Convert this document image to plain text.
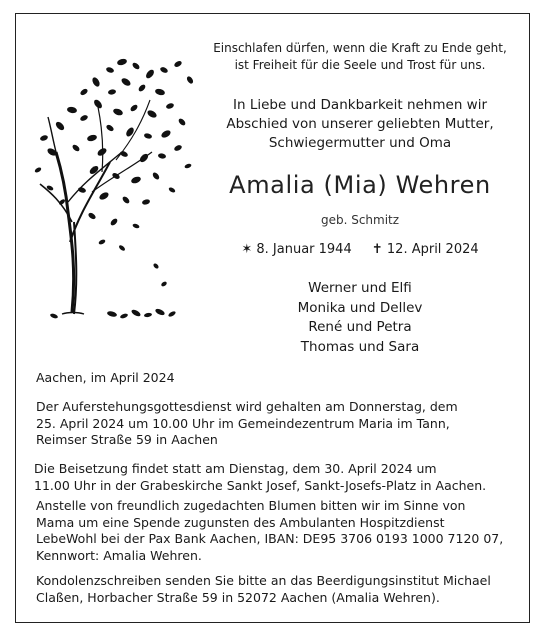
Einschlafen dürfen, wenn die Kraft zu Ende geht,
ist Freiheit für die Seele und Trost für uns.
In Liebe und Dankbarkeit nehmen wir
Abschied von unserer geliebten Mutter,
Schwiegermutter und Oma
Amalia (Mia) Wehren
geb. Schmitz
✶ 8. Januar 1944 ✝ 12. April 2024
Werner und Elfi
Monika und Dellev
René und Petra
Thomas und Sara
Aachen, im April 2024
Der Auferstehungsgottesdienst wird gehalten am Donnerstag, dem
25. April 2024 um 10.00 Uhr im Gemeindezentrum Maria im Tann,
Reimser Straße 59 in Aachen
Die Beisetzung findet statt am Dienstag, dem 30. April 2024 um
11.00 Uhr in der Grabeskirche Sankt Josef, Sankt-Josefs-Platz in Aachen.
Anstelle von freundlich zugedachten Blumen bitten wir im Sinne von
Mama um eine Spende zugunsten des Ambulanten Hospitzdienst
LebeWohl bei der Pax Bank Aachen, IBAN: DE95 3706 0193 1000 7120 07,
Kennwort: Amalia Wehren.
Kondolenzschreiben senden Sie bitte an das Beerdigungsinstitut Michael
Claßen, Horbacher Straße 59 in 52072 Aachen (Amalia Wehren).
